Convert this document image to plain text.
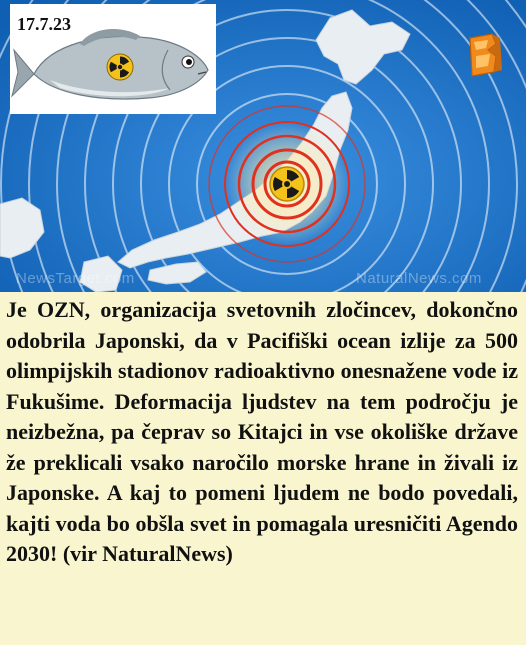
17.7.23
NewsTarget.com	NaturalNews.com

Je OZN, organizacija svetovnih zločincev, dokončno odobrila Japonski, da v Pacifiški ocean izlije za 500 olimpijskih stadionov radioaktivno onesnažene vode iz Fukušime. Deformacija ljudstev na tem področju je neizbežna, pa čeprav so Kitajci in vse okoliške države že preklicali vsako naročilo morske hrane in živali iz Japonske. A kaj to pomeni ljudem ne bodo povedali, kajti voda bo obšla svet in pomagala uresničiti Agendo 2030! (vir NaturalNews)
